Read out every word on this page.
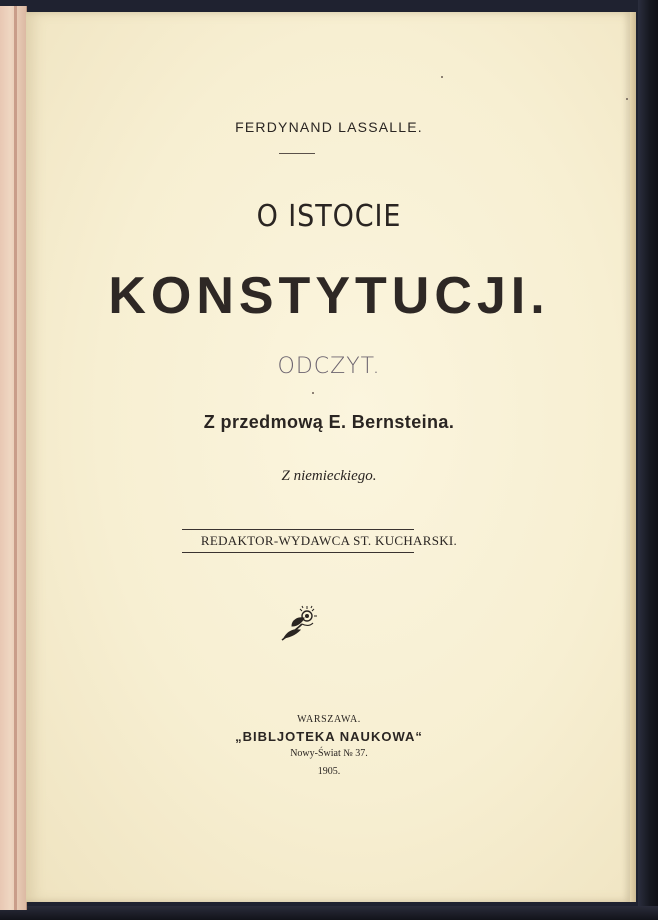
FERDYNAND LASSALLE.
O ISTOCIE
KONSTYTUCJI.
ODCZYT.
Z przedmową E. Bernsteina.
Z niemieckiego.
REDAKTOR-WYDAWCA ST. KUCHARSKI.
WARSZAWA.
„BIBLJOTEKA NAUKOWA“
Nowy-Świat № 37.
1905.
